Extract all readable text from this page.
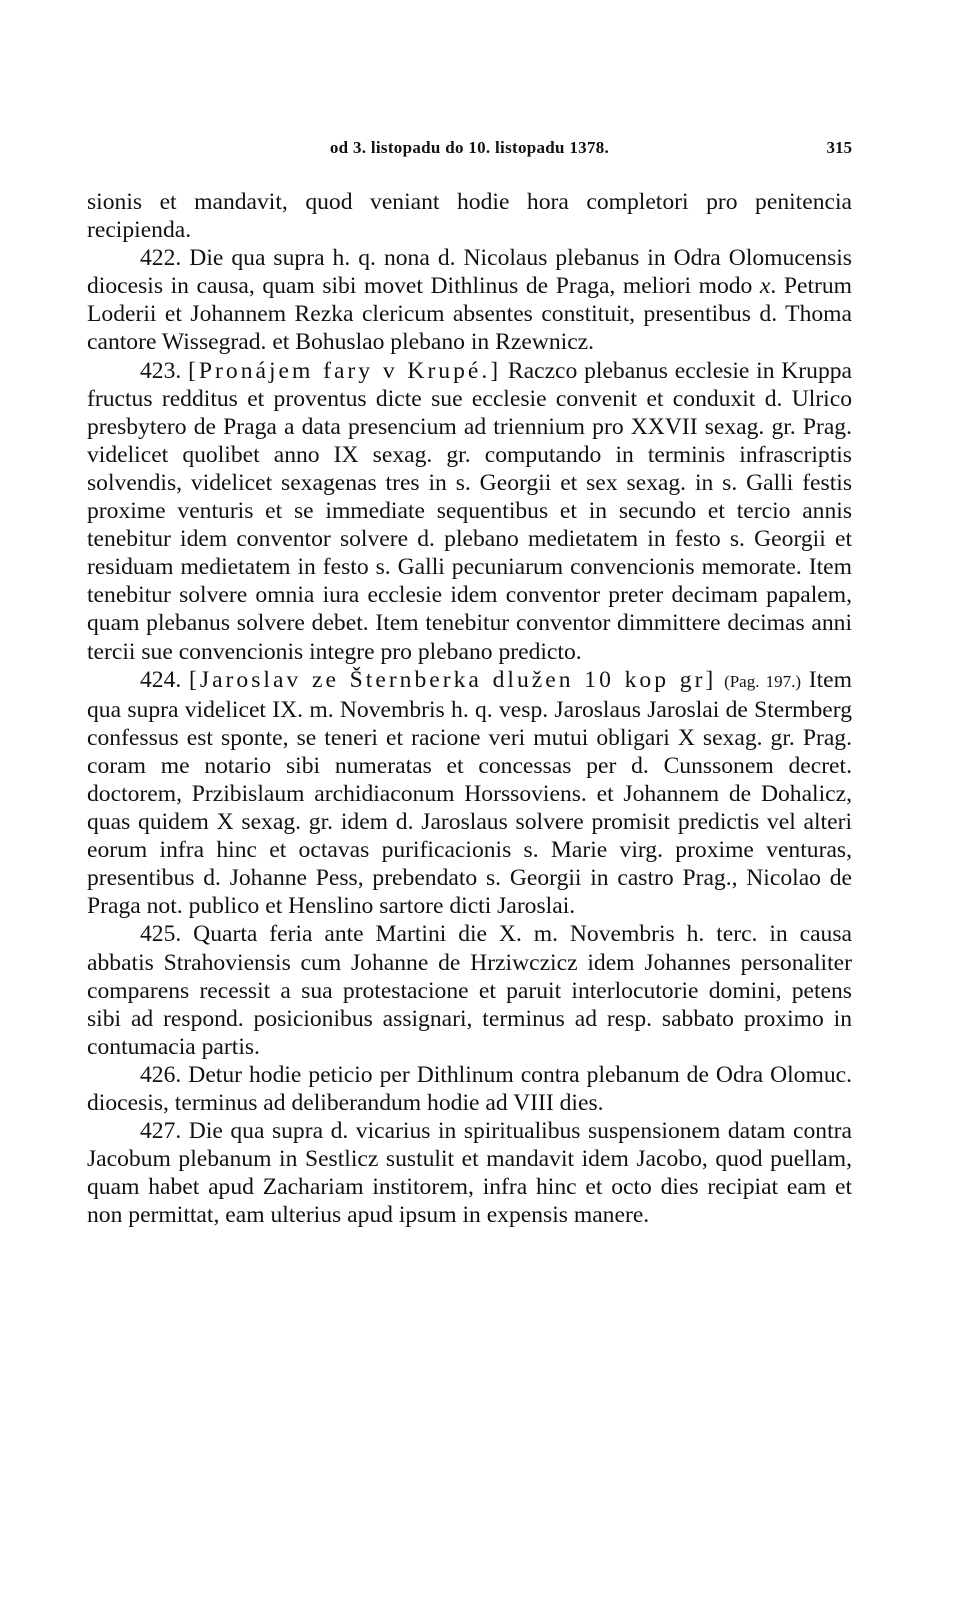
od 3. listopadu do 10. listopadu 1378.	315

sionis et mandavit, quod veniant hodie hora completori pro penitencia recipienda.

422. Die qua supra h. q. nona d. Nicolaus plebanus in Odra Olomucensis diocesis in causa, quam sibi movet Dithlinus de Praga, meliori modo x. Petrum Loderii et Johannem Rezka clericum absentes constituit, presentibus d. Thoma cantore Wissegrad. et Bohuslao plebano in Rzewnicz.

423. [Pronájem fary v Krupé.] Raczco plebanus ecclesie in Kruppa fructus redditus et proventus dicte sue ecclesie convenit et conduxit d. Ulrico presbytero de Praga a data presencium ad triennium pro XXVII sexag. gr. Prag. videlicet quolibet anno IX sexag. gr. computando in terminis infrascriptis solvendis, videlicet sexagenas tres in s. Georgii et sex sexag. in s. Galli festis proxime venturis et se immediate sequentibus et in secundo et tercio annis tenebitur idem conventor solvere d. plebano medietatem in festo s. Georgii et residuam medietatem in festo s. Galli pecuniarum convencionis memorate. Item tenebitur solvere omnia iura ecclesie idem conventor preter decimam papalem, quam plebanus solvere debet. Item tenebitur conventor dimmittere decimas anni tercii sue convencionis integre pro plebano predicto.

424. [Jaroslav ze Šternberka dlužen 10 kop gr] (Pag. 197.) Item qua supra videlicet IX. m. Novembris h. q. vesp. Jaroslaus Jaroslai de Stermberg confessus est sponte, se teneri et racione veri mutui obligari X sexag. gr. Prag. coram me notario sibi numeratas et concessas per d. Cunssonem decret. doctorem, Przibislaum archidiaconum Horssoviens. et Johannem de Dohalicz, quas quidem X sexag. gr. idem d. Jaroslaus solvere promisit predictis vel alteri eorum infra hinc et octavas purificacionis s. Marie virg. proxime venturas, presentibus d. Johanne Pess, prebendato s. Georgii in castro Prag., Nicolao de Praga not. publico et Henslino sartore dicti Jaroslai.

425. Quarta feria ante Martini die X. m. Novembris h. terc. in causa abbatis Strahoviensis cum Johanne de Hrziwczicz idem Johannes personaliter comparens recessit a sua protestacione et paruit interlocutorie domini, petens sibi ad respond. posicionibus assignari, terminus ad resp. sabbato proximo in contumacia partis.

426. Detur hodie peticio per Dithlinum contra plebanum de Odra Olomuc. diocesis, terminus ad deliberandum hodie ad VIII dies.

427. Die qua supra d. vicarius in spiritualibus suspensionem datam contra Jacobum plebanum in Sestlicz sustulit et mandavit idem Jacobo, quod puellam, quam habet apud Zachariam institorem, infra hinc et octo dies recipiat eam et non permittat, eam ulterius apud ipsum in expensis manere.
